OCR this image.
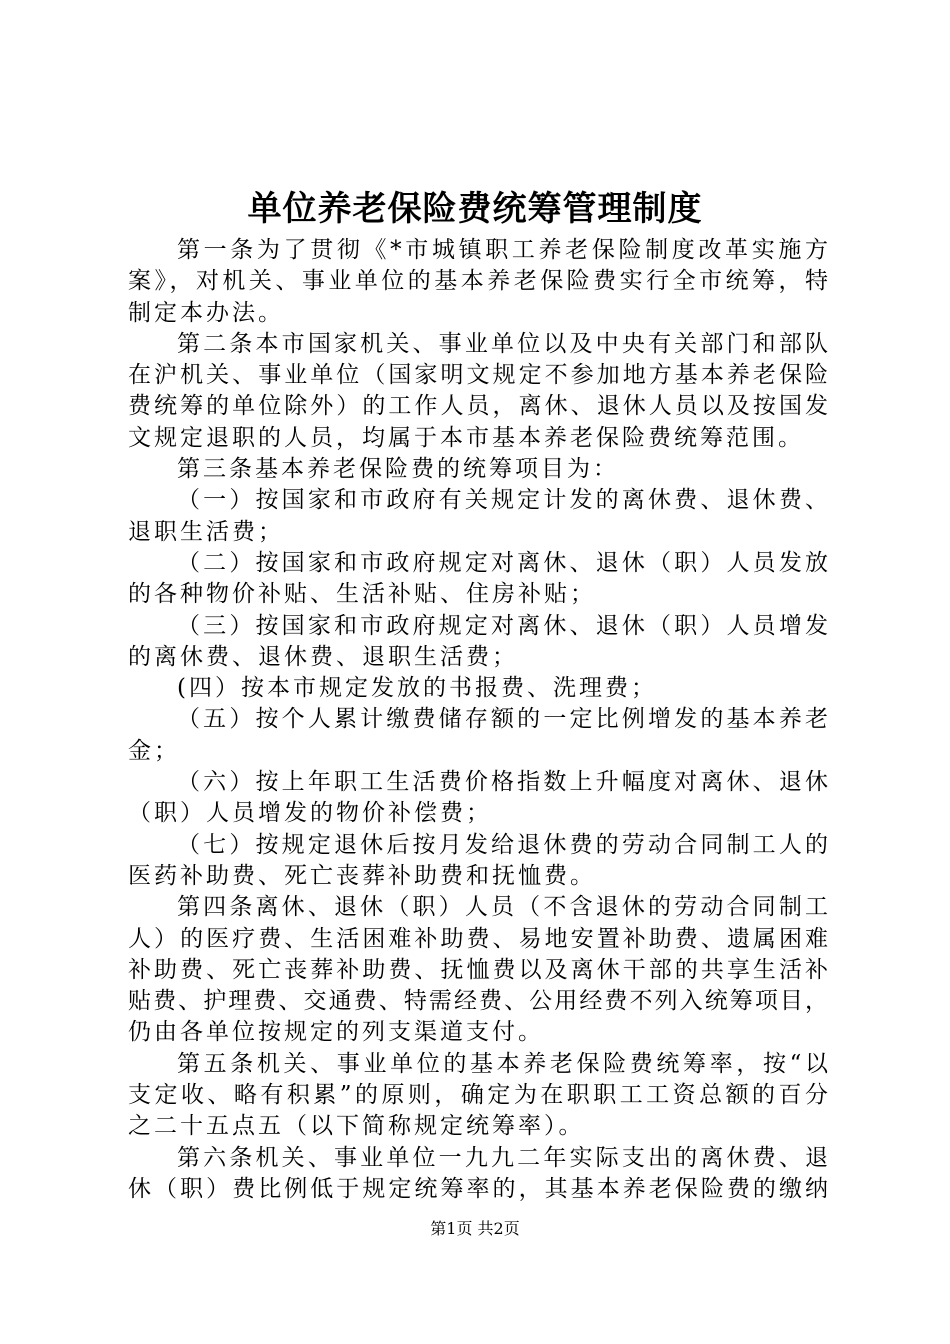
单位养老保险费统筹管理制度
第一条为了贯彻《*市城镇职工养老保险制度改革实施方
案》，对机关、事业单位的基本养老保险费实行全市统筹，特
制定本办法。
第二条本市国家机关、事业单位以及中央有关部门和部队
在沪机关、事业单位（国家明文规定不参加地方基本养老保险
费统筹的单位除外）的工作人员，离休、退休人员以及按国发
文规定退职的人员，均属于本市基本养老保险费统筹范围。
第三条基本养老保险费的统筹项目为：
（一）按国家和市政府有关规定计发的离休费、退休费、
退职生活费；
（二）按国家和市政府规定对离休、退休（职）人员发放
的各种物价补贴、生活补贴、住房补贴；
（三）按国家和市政府规定对离休、退休（职）人员增发
的离休费、退休费、退职生活费；
(四）按本市规定发放的书报费、洗理费；
（五）按个人累计缴费储存额的一定比例增发的基本养老
金；
（六）按上年职工生活费价格指数上升幅度对离休、退休
（职）人员增发的物价补偿费；
（七）按规定退休后按月发给退休费的劳动合同制工人的
医药补助费、死亡丧葬补助费和抚恤费。
第四条离休、退休（职）人员（不含退休的劳动合同制工
人）的医疗费、生活困难补助费、易地安置补助费、遗属困难
补助费、死亡丧葬补助费、抚恤费以及离休干部的共享生活补
贴费、护理费、交通费、特需经费、公用经费不列入统筹项目，
仍由各单位按规定的列支渠道支付。
第五条机关、事业单位的基本养老保险费统筹率，按“以
支定收、略有积累”的原则，确定为在职职工工资总额的百分
之二十五点五（以下简称规定统筹率）。
第六条机关、事业单位一九九二年实际支出的离休费、退
休（职）费比例低于规定统筹率的，其基本养老保险费的缴纳
第1页 共2页
